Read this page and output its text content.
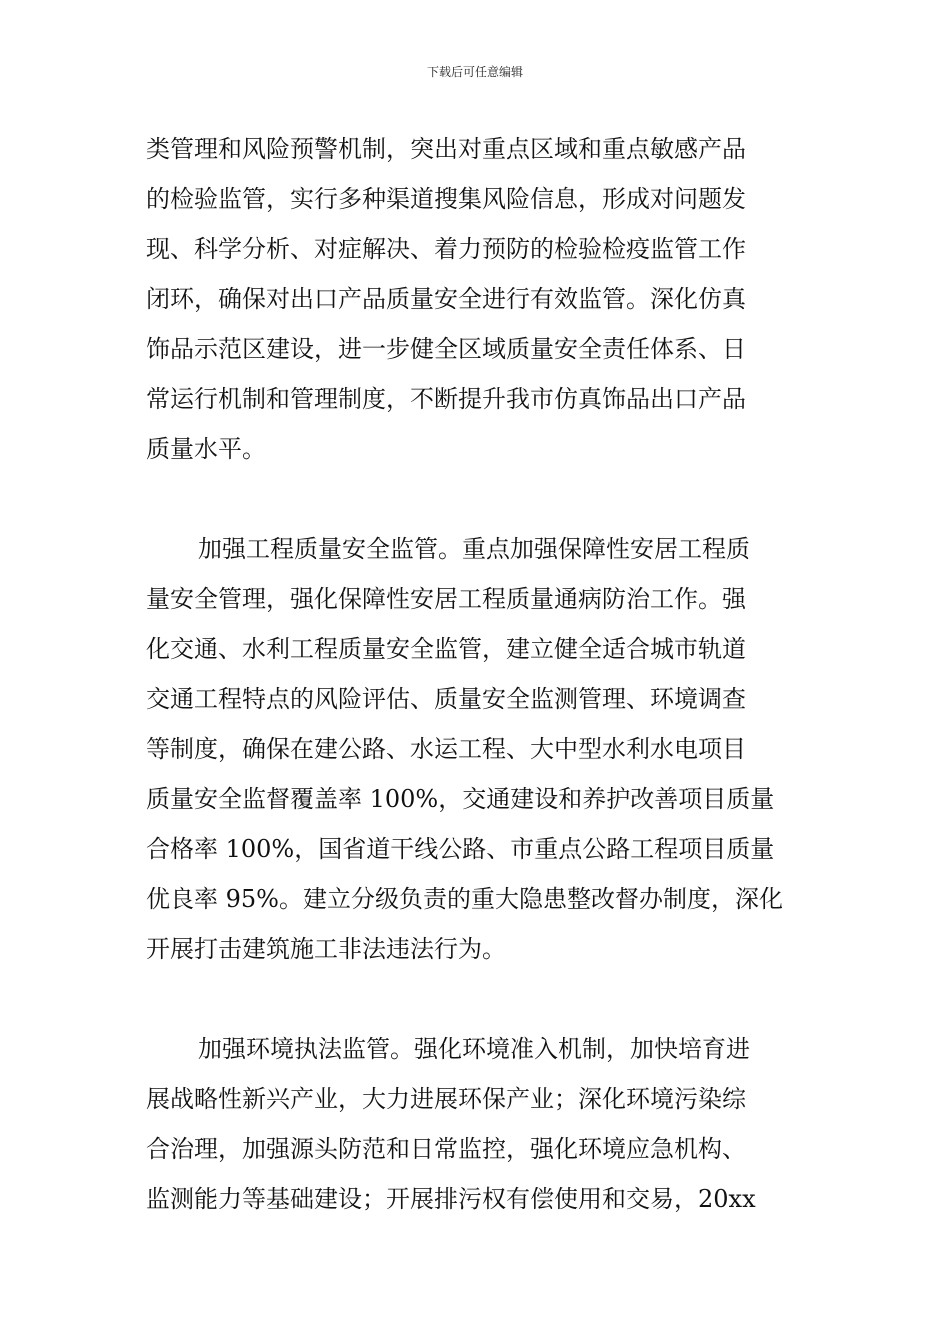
下载后可任意编辑
类管理和风险预警机制，突出对重点区域和重点敏感产品
的检验监管，实行多种渠道搜集风险信息，形成对问题发
现、科学分析、对症解决、着力预防的检验检疫监管工作
闭环，确保对出口产品质量安全进行有效监管。深化仿真
饰品示范区建设，进一步健全区域质量安全责任体系、日
常运行机制和管理制度，不断提升我市仿真饰品出口产品
质量水平。
加强工程质量安全监管。重点加强保障性安居工程质
量安全管理，强化保障性安居工程质量通病防治工作。强
化交通、水利工程质量安全监管，建立健全适合城市轨道
交通工程特点的风险评估、质量安全监测管理、环境调查
等制度，确保在建公路、水运工程、大中型水利水电项目
质量安全监督覆盖率 100%，交通建设和养护改善项目质量
合格率 100%，国省道干线公路、市重点公路工程项目质量
优良率 95%。建立分级负责的重大隐患整改督办制度，深化
开展打击建筑施工非法违法行为。
加强环境执法监管。强化环境准入机制，加快培育进
展战略性新兴产业，大力进展环保产业；深化环境污染综
合治理，加强源头防范和日常监控，强化环境应急机构、
监测能力等基础建设；开展排污权有偿使用和交易，20xx
